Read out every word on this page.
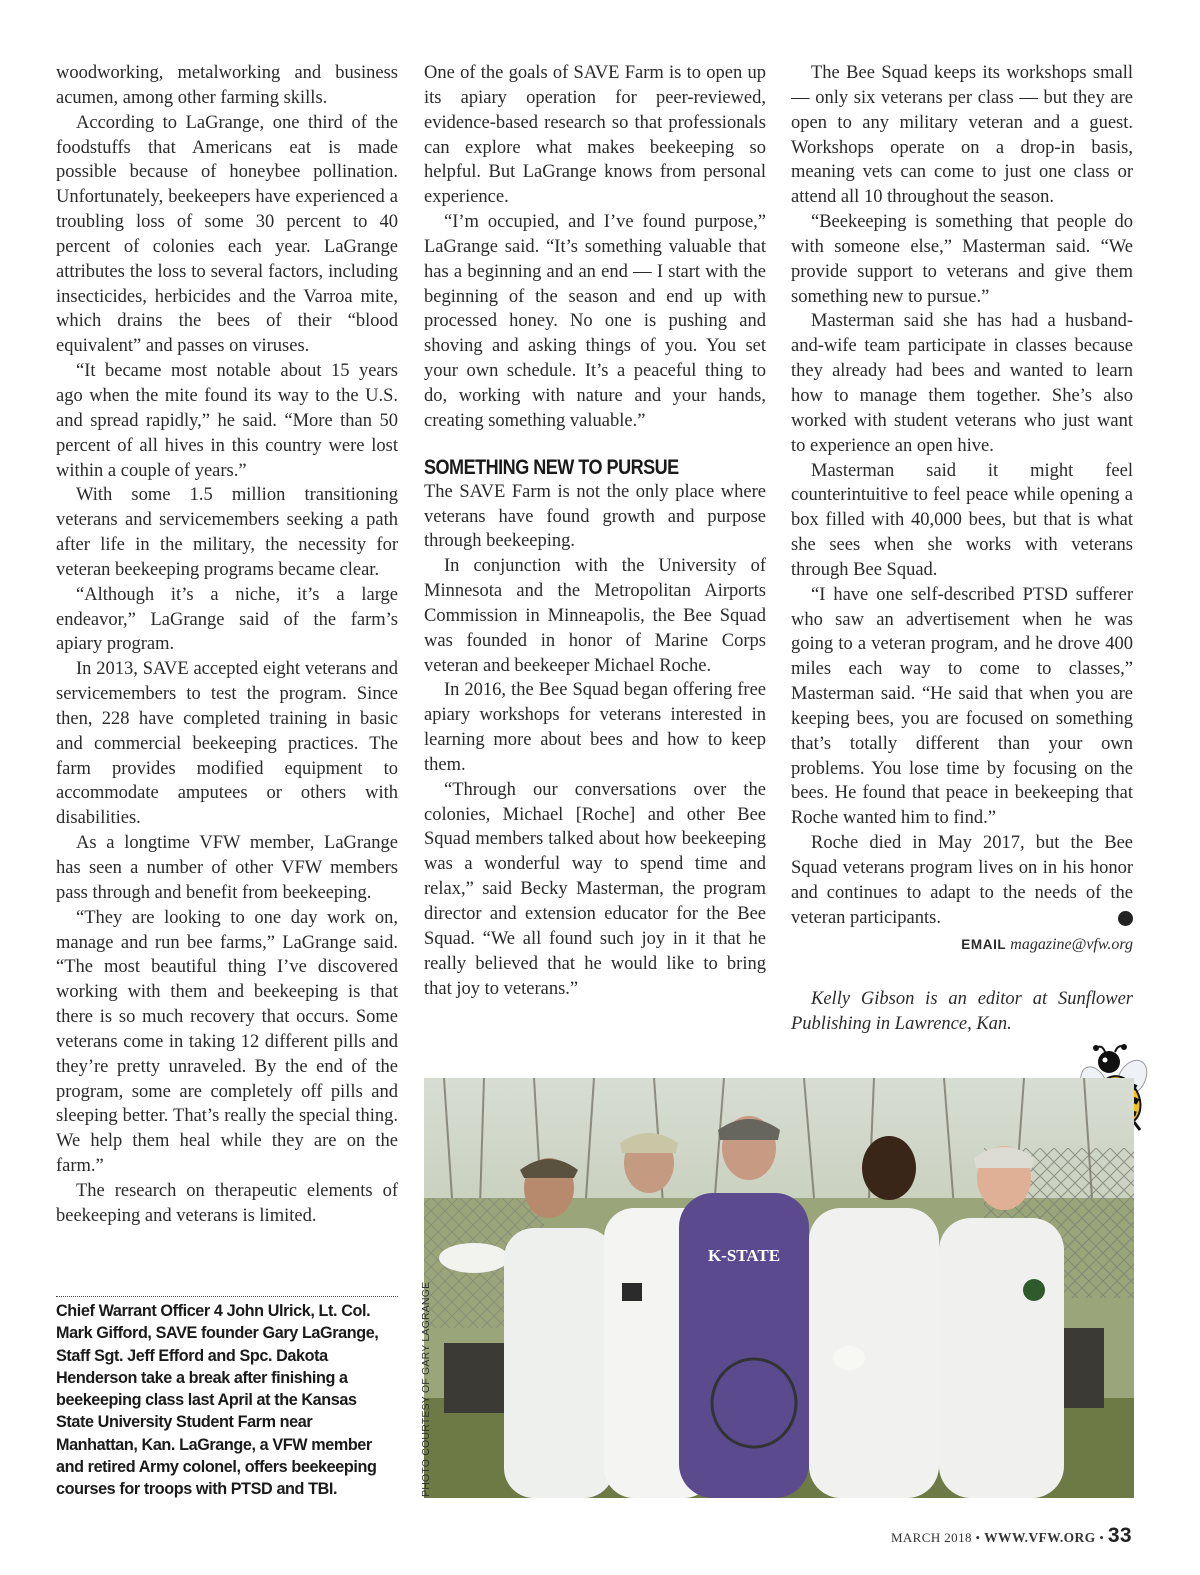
woodworking, metalworking and business acumen, among other farming skills.

According to LaGrange, one third of the foodstuffs that Americans eat is made possible because of honeybee pollination. Unfortunately, beekeepers have experienced a troubling loss of some 30 percent to 40 percent of colonies each year. LaGrange attributes the loss to several factors, including insecticides, herbicides and the Varroa mite, which drains the bees of their “blood equivalent” and passes on viruses.

“It became most notable about 15 years ago when the mite found its way to the U.S. and spread rapidly,” he said. “More than 50 percent of all hives in this country were lost within a couple of years.”

With some 1.5 million transitioning veterans and servicemembers seeking a path after life in the military, the necessity for veteran beekeeping programs became clear.

“Although it’s a niche, it’s a large endeavor,” LaGrange said of the farm’s apiary program.

In 2013, SAVE accepted eight veterans and servicemembers to test the program. Since then, 228 have completed training in basic and commercial beekeeping practices. The farm provides modified equipment to accommodate amputees or others with disabilities.

As a longtime VFW member, LaGrange has seen a number of other VFW members pass through and benefit from beekeeping.

“They are looking to one day work on, manage and run bee farms,” LaGrange said. “The most beautiful thing I’ve discovered working with them and beekeeping is that there is so much recovery that occurs. Some veterans come in taking 12 different pills and they’re pretty unraveled. By the end of the program, some are completely off pills and sleeping better. That’s really the special thing. We help them heal while they are on the farm.”

The research on therapeutic elements of beekeeping and veterans is limited.

One of the goals of SAVE Farm is to open up its apiary operation for peer-reviewed, evidence-based research so that professionals can explore what makes beekeeping so helpful. But LaGrange knows from personal experience.

“I’m occupied, and I’ve found purpose,” LaGrange said. “It’s something valuable that has a beginning and an end — I start with the beginning of the season and end up with processed honey. No one is pushing and shoving and asking things of you. You set your own schedule. It’s a peaceful thing to do, working with nature and your hands, creating something valuable.”

SOMETHING NEW TO PURSUE

The SAVE Farm is not the only place where veterans have found growth and purpose through beekeeping.

In conjunction with the University of Minnesota and the Metropolitan Airports Commission in Minneapolis, the Bee Squad was founded in honor of Marine Corps veteran and beekeeper Michael Roche.

In 2016, the Bee Squad began offering free apiary workshops for veterans interested in learning more about bees and how to keep them.

“Through our conversations over the colonies, Michael [Roche] and other Bee Squad members talked about how beekeeping was a wonderful way to spend time and relax,” said Becky Masterman, the program director and extension educator for the Bee Squad. “We all found such joy in it that he really believed that he would like to bring that joy to veterans.”

The Bee Squad keeps its workshops small — only six veterans per class — but they are open to any military veteran and a guest. Workshops operate on a drop-in basis, meaning vets can come to just one class or attend all 10 throughout the season.

“Beekeeping is something that people do with someone else,” Masterman said. “We provide support to veterans and give them something new to pursue.”

Masterman said she has had a husband-and-wife team participate in classes because they already had bees and wanted to learn how to manage them together. She’s also worked with student veterans who just want to experience an open hive.

Masterman said it might feel counterintuitive to feel peace while opening a box filled with 40,000 bees, but that is what she sees when she works with veterans through Bee Squad.

“I have one self-described PTSD sufferer who saw an advertisement when he was going to a veteran program, and he drove 400 miles each way to come to classes,” Masterman said. “He said that when you are keeping bees, you are focused on something that’s totally different than your own problems. You lose time by focusing on the bees. He found that peace in beekeeping that Roche wanted him to find.”

Roche died in May 2017, but the Bee Squad veterans program lives on in his honor and continues to adapt to the needs of the veteran participants.	✪

EMAIL magazine@vfw.org

Kelly Gibson is an editor at Sunflower Publishing in Lawrence, Kan.

K-STATE
PHOTO COURTESY OF GARY LAGRANGE
Chief Warrant Officer 4 John Ulrick, Lt. Col. Mark Gifford, SAVE founder Gary LaGrange, Staff Sgt. Jeff Efford and Spc. Dakota Henderson take a break after finishing a beekeeping class last April at the Kansas State University Student Farm near Manhattan, Kan. LaGrange, a VFW member and retired Army colonel, offers beekeeping courses for troops with PTSD and TBI.
MARCH 2018 • WWW.VFW.ORG • 33
